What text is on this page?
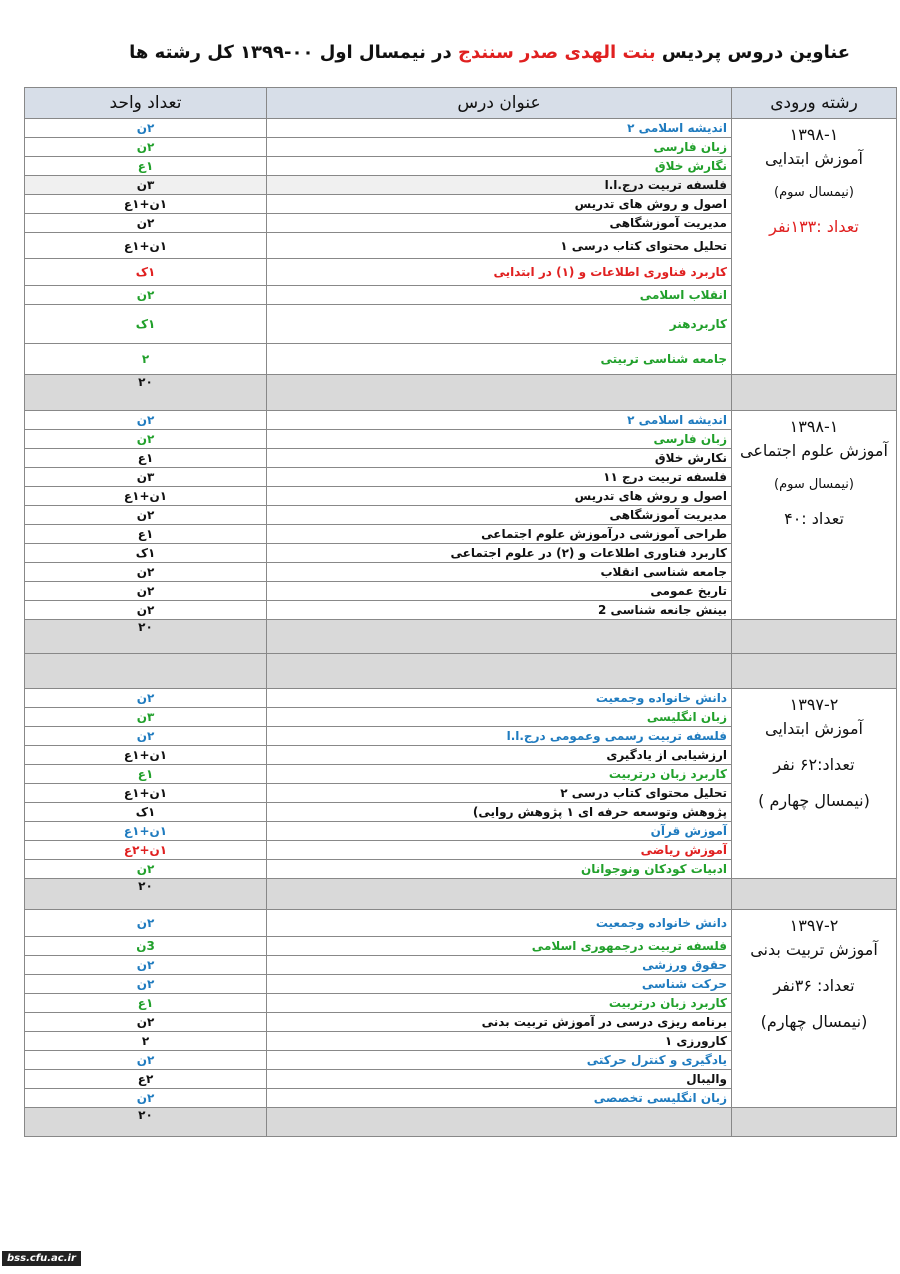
عناوین دروس پردیس بنت الهدی صدر سنندج در نیمسال اول ۰۰-۱۳۹۹ کل رشته ها
رشته ورودی	عنوان درس	تعداد واحد

۱۳۹۸-۱
آموزش ابتدایی
(نیمسال سوم)
تعداد :۱۳۳نفر	اندیشه اسلامی ۲	۲ن
	زبان فارسی	۲ن
	نگارش خلاق	۱ع
	فلسفه تربیت درج.ا.ا	۳ن
	اصول و روش های تدریس	۱ن+۱ع
	مدیریت آموزشگاهی	۲ن
	تحلیل محتوای کتاب درسی ۱	۱ن+۱ع
	کاربرد فناوری اطلاعات و (۱) در ابتدایی	۱ک
	انقلاب اسلامی	۲ن
	کاربردهنر	۱ک
	جامعه شناسی تربیتی	۲
		۲۰

۱۳۹۸-۱
آموزش علوم اجتماعی
(نیمسال سوم)
تعداد :۴۰	اندیشه اسلامی ۲	۲ن
	زبان فارسی	۲ن
	نکارش خلاق	۱ع
	فلسفه تربیت درج ۱۱	۳ن
	اصول و روش های تدریس	۱ن+۱ع
	مدیریت آموزشگاهی	۲ن
	طراحی آموزشی درآموزش علوم اجتماعی	۱ع
	کاربرد فناوری اطلاعات و (۲) در علوم اجتماعی	۱ک
	جامعه شناسی انقلاب	۲ن
	تاریخ عمومی	۲ن
	بینش جانعه شناسی 2	۲ن
		۲۰

۱۳۹۷-۲
آموزش ابتدایی
تعداد:۶۲ نفر
(نیمسال چهارم )	دانش خانواده وجمعیت	۲ن
	زبان انگلیسی	۳ن
	فلسفه تربیت رسمی وعمومی درج.ا.ا	۲ن
	ارزشیابی از یادگیری	۱ن+۱ع
	کاربرد زبان درتربیت	۱ع
	تحلیل محتوای کتاب درسی ۲	۱ن+۱ع
	پژوهش وتوسعه حرفه ای ۱ پژوهش روایی)	۱ک
	آموزش قرآن	۱ن+۱ع
	آموزش ریاضی	۱ن+۲ع
	ادبیات کودکان ونوجوانان	۲ن
		۲۰

۱۳۹۷-۲
آموزش تربیت بدنی
تعداد: ۳۶نفر
(نیمسال چهارم)	دانش خانواده وجمعیت	۲ن
	فلسفه تربیت درجمهوری اسلامی	3ن
	حقوق ورزشی	۲ن
	حرکت شناسی	۲ن
	کاربرد زبان درتربیت	۱ع
	برنامه ریزی درسی در آموزش تربیت بدنی	۲ن
	کارورزی ۱	۲
	یادگیری و کنترل حرکتی	۲ن
	والیبال	۲ع
	زبان انگلیسی تخصصی	۲ن
		۲۰
bss.cfu.ac.ir
